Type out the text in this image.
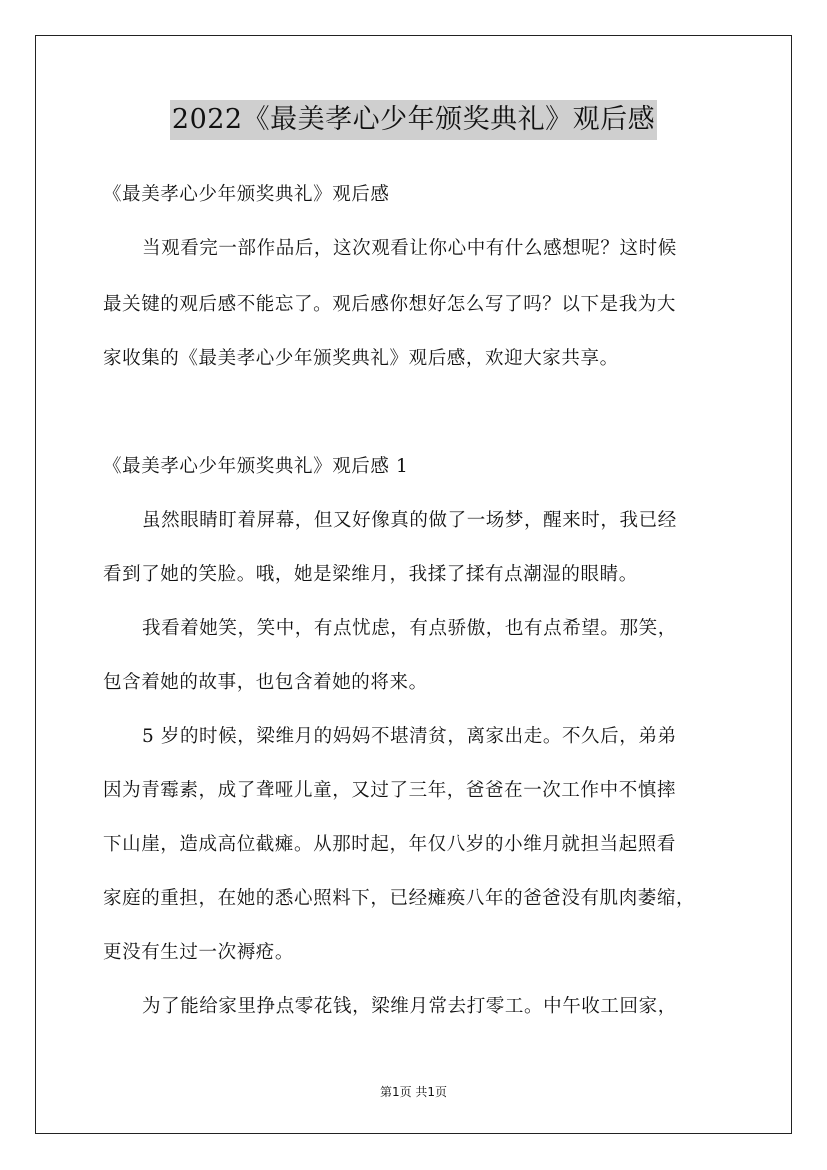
2022《最美孝心少年颁奖典礼》观后感
《最美孝心少年颁奖典礼》观后感
当观看完一部作品后，这次观看让你心中有什么感想呢？这时候
最关键的观后感不能忘了。观后感你想好怎么写了吗？以下是我为大
家收集的《最美孝心少年颁奖典礼》观后感，欢迎大家共享。
《最美孝心少年颁奖典礼》观后感 1
虽然眼睛盯着屏幕，但又好像真的做了一场梦，醒来时，我已经
看到了她的笑脸。哦，她是梁维月，我揉了揉有点潮湿的眼睛。
我看着她笑，笑中，有点忧虑，有点骄傲，也有点希望。那笑，
包含着她的故事，也包含着她的将来。
5 岁的时候，梁维月的妈妈不堪清贫，离家出走。不久后，弟弟
因为青霉素，成了聋哑儿童，又过了三年，爸爸在一次工作中不慎摔
下山崖，造成高位截瘫。从那时起，年仅八岁的小维月就担当起照看
家庭的重担，在她的悉心照料下，已经瘫痪八年的爸爸没有肌肉萎缩，
更没有生过一次褥疮。
为了能给家里挣点零花钱，梁维月常去打零工。中午收工回家，
第1页 共1页
